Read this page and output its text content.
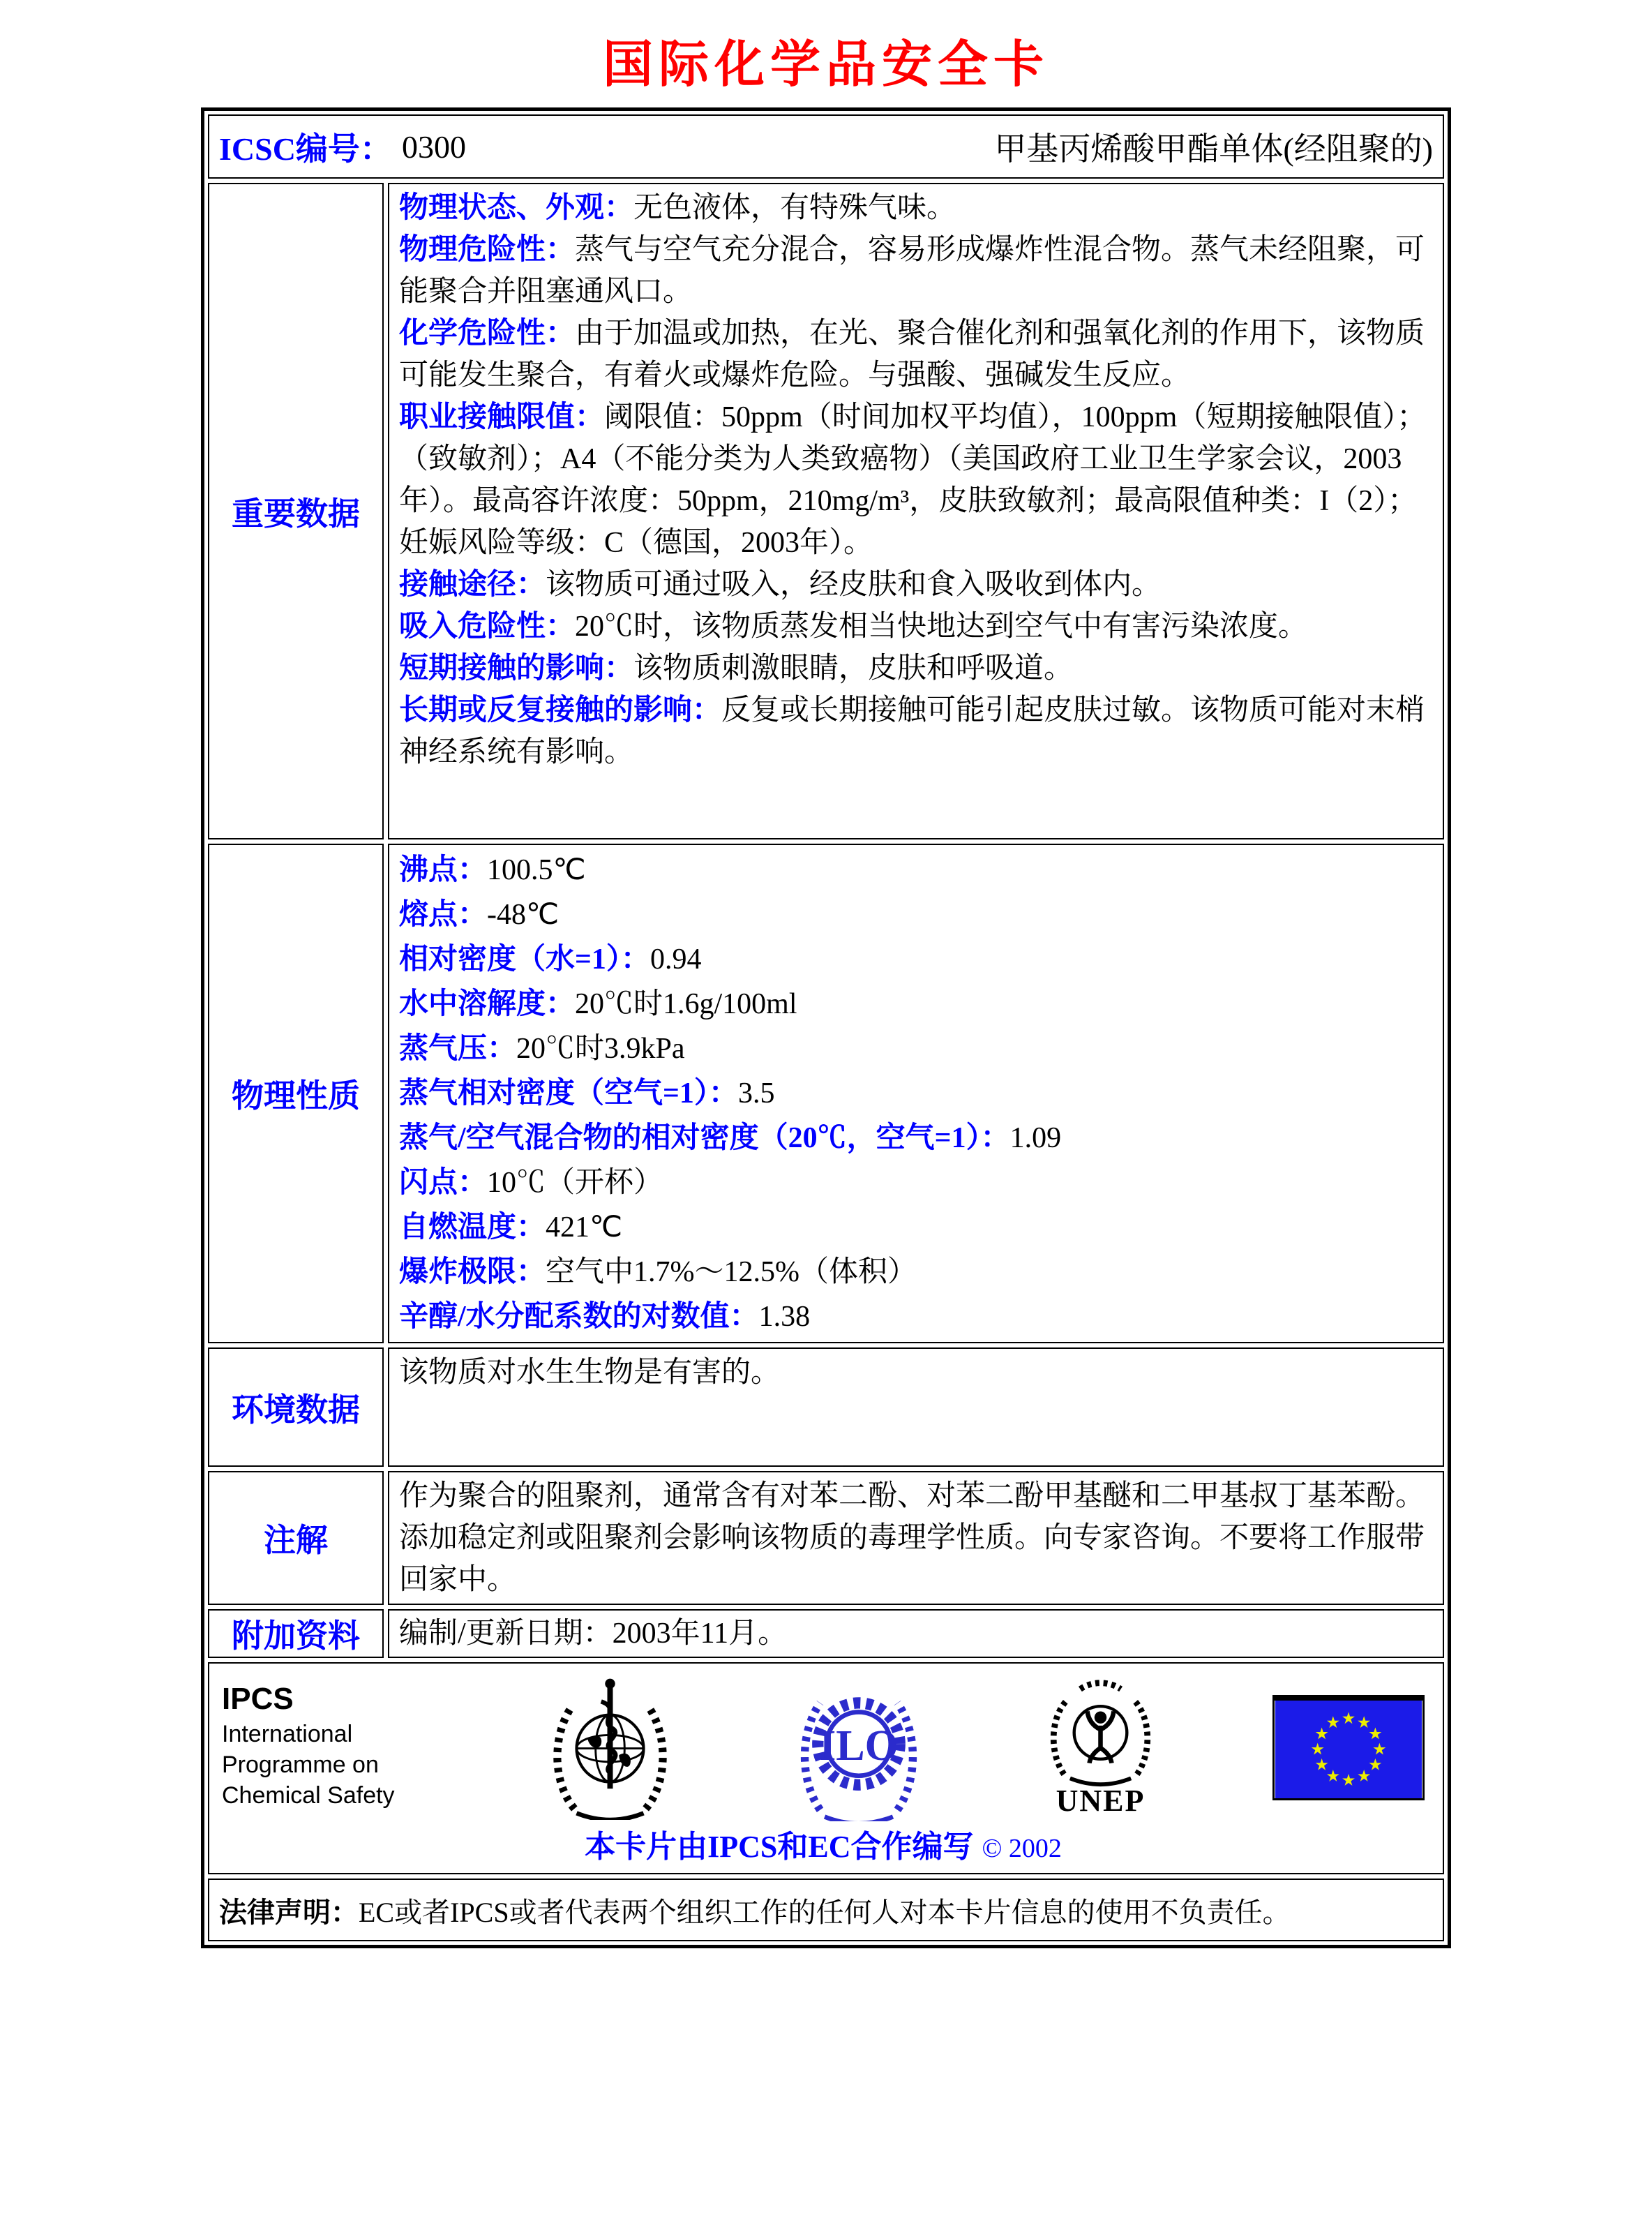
国际化学品安全卡
ICSC编号： 0300	甲基丙烯酸甲酯单体(经阻聚的)
重要数据
物理状态、外观：无色液体，有特殊气味。
物理危险性：蒸气与空气充分混合，容易形成爆炸性混合物。蒸气未经阻聚，可能聚合并阻塞通风口。
化学危险性：由于加温或加热，在光、聚合催化剂和强氧化剂的作用下，该物质可能发生聚合，有着火或爆炸危险。与强酸、强碱发生反应。
职业接触限值：阈限值：50ppm（时间加权平均值），100ppm（短期接触限值）；（致敏剂）；A4（不能分类为人类致癌物）（美国政府工业卫生学家会议，2003年）。最高容许浓度：50ppm，210mg/m³，皮肤致敏剂；最高限值种类：I（2）；妊娠风险等级：C（德国，2003年）。
接触途径：该物质可通过吸入，经皮肤和食入吸收到体内。
吸入危险性：20℃时，该物质蒸发相当快地达到空气中有害污染浓度。
短期接触的影响：该物质刺激眼睛，皮肤和呼吸道。
长期或反复接触的影响：反复或长期接触可能引起皮肤过敏。该物质可能对末梢神经系统有影响。
物理性质
沸点：100.5℃
熔点：-48℃
相对密度（水=1）：0.94
水中溶解度：20℃时1.6g/100ml
蒸气压：20℃时3.9kPa
蒸气相对密度（空气=1）：3.5
蒸气/空气混合物的相对密度（20℃，空气=1）：1.09
闪点：10℃（开杯）
自燃温度：421℃
爆炸极限：空气中1.7%～12.5%（体积）
辛醇/水分配系数的对数值：1.38
环境数据
该物质对水生生物是有害的。
注解
作为聚合的阻聚剂，通常含有对苯二酚、对苯二酚甲基醚和二甲基叔丁基苯酚。添加稳定剂或阻聚剂会影响该物质的毒理学性质。向专家咨询。不要将工作服带回家中。
附加资料	编制/更新日期：2003年11月。
IPCS
International
Programme on
Chemical Safety
ILO
UNEP
本卡片由IPCS和EC合作编写 © 2002
法律声明： EC或者IPCS或者代表两个组织工作的任何人对本卡片信息的使用不负责任。
